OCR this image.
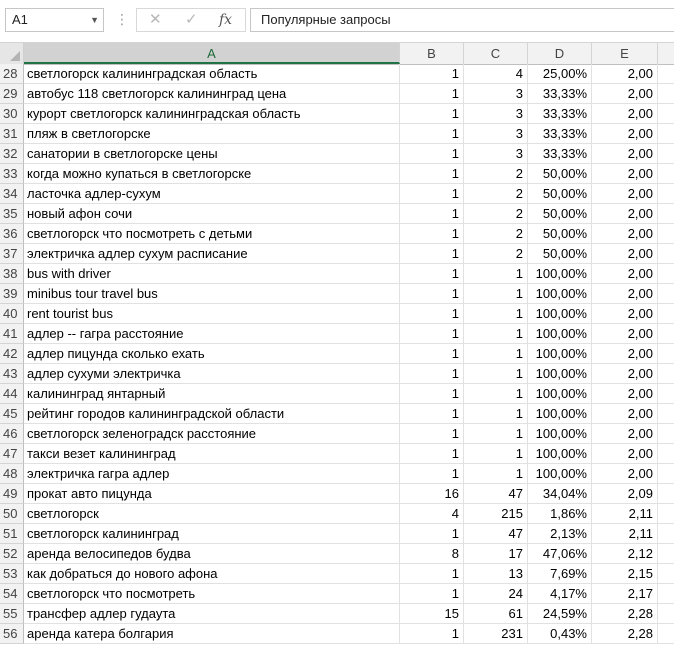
A1	▼ ⋮ ✕ ✓ fx	Популярные запросы
A	B	C	D	E
28 светлогорск калининградская область	1	4	25,00%	2,00
29 автобус 118 светлогорск калининград цена	1	3	33,33%	2,00
30 курорт светлогорск калининградская область	1	3	33,33%	2,00
31 пляж в светлогорске	1	3	33,33%	2,00
32 санатории в светлогорске цены	1	3	33,33%	2,00
33 когда можно купаться в светлогорске	1	2	50,00%	2,00
34 ласточка адлер-сухум	1	2	50,00%	2,00
35 новый афон сочи	1	2	50,00%	2,00
36 светлогорск что посмотреть с детьми	1	2	50,00%	2,00
37 электричка адлер сухум расписание	1	2	50,00%	2,00
38 bus with driver	1	1 100,00%	2,00
39 minibus tour travel bus	1	1 100,00%	2,00
40 rent tourist bus	1	1 100,00%	2,00
41 адлер -- гагра расстояние	1	1 100,00%	2,00
42 адлер пицунда сколько ехать	1	1 100,00%	2,00
43 адлер сухуми электричка	1	1 100,00%	2,00
44 калининград янтарный	1	1 100,00%	2,00
45 рейтинг городов калининградской области	1	1 100,00%	2,00
46 светлогорск зеленоградск расстояние	1	1 100,00%	2,00
47 такси везет калининград	1	1 100,00%	2,00
48 электричка гагра адлер	1	1 100,00%	2,00
49 прокат авто пицунда	16	47	34,04%	2,09
50 светлогорск	4	215	1,86%	2,11
51 светлогорск калининград	1	47	2,13%	2,11
52 аренда велосипедов будва	8	17	47,06%	2,12
53 как добраться до нового афона	1	13	7,69%	2,15
54 светлогорск что посмотреть	1	24	4,17%	2,17
55 трансфер адлер гудаута	15	61	24,59%	2,28
56 аренда катера болгария	1	231	0,43%	2,28
